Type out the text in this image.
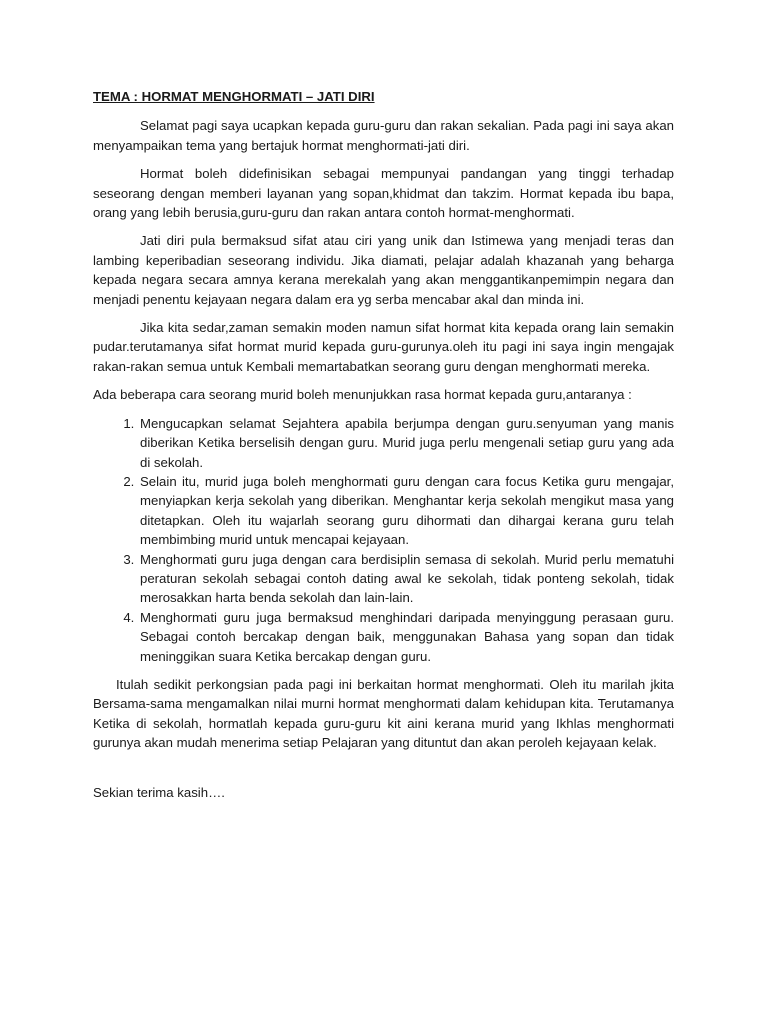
TEMA : HORMAT MENGHORMATI – JATI DIRI

Selamat pagi saya ucapkan kepada guru-guru dan rakan sekalian. Pada pagi ini saya akan menyampaikan tema yang bertajuk hormat menghormati-jati diri.

Hormat boleh didefinisikan sebagai mempunyai pandangan yang tinggi terhadap seseorang dengan memberi layanan yang sopan,khidmat dan takzim. Hormat kepada ibu bapa, orang yang lebih berusia,guru-guru dan rakan antara contoh hormat-menghormati.

Jati diri pula bermaksud sifat atau ciri yang unik dan Istimewa yang menjadi teras dan lambing keperibadian seseorang individu. Jika diamati, pelajar adalah khazanah yang beharga kepada negara secara amnya kerana merekalah yang akan menggantikanpemimpin negara dan menjadi penentu kejayaan negara dalam era yg serba mencabar akal dan minda ini.

Jika kita sedar,zaman semakin moden namun sifat hormat kita kepada orang lain semakin pudar.terutamanya sifat hormat murid kepada guru-gurunya.oleh itu pagi ini saya ingin mengajak rakan-rakan semua untuk Kembali memartabatkan seorang guru dengan menghormati mereka.

Ada beberapa cara seorang murid boleh menunjukkan rasa hormat kepada guru,antaranya :

1. Mengucapkan selamat Sejahtera apabila berjumpa dengan guru.senyuman yang manis diberikan Ketika berselisih dengan guru. Murid juga perlu mengenali setiap guru yang ada di sekolah.
2. Selain itu, murid juga boleh menghormati guru dengan cara focus Ketika guru mengajar, menyiapkan kerja sekolah yang diberikan. Menghantar kerja sekolah mengikut masa yang ditetapkan. Oleh itu wajarlah seorang guru dihormati dan dihargai kerana guru telah membimbing murid untuk mencapai kejayaan.
3. Menghormati guru juga dengan cara berdisiplin semasa di sekolah. Murid perlu mematuhi peraturan sekolah sebagai contoh dating awal ke sekolah, tidak ponteng sekolah, tidak merosakkan harta benda sekolah dan lain-lain.
4. Menghormati guru juga bermaksud menghindari daripada menyinggung perasaan guru. Sebagai contoh bercakap dengan baik, menggunakan Bahasa yang sopan dan tidak meninggikan suara Ketika bercakap dengan guru.

Itulah sedikit perkongsian pada pagi ini berkaitan hormat menghormati. Oleh itu marilah jkita Bersama-sama mengamalkan nilai murni hormat menghormati dalam kehidupan kita. Terutamanya Ketika di sekolah, hormatlah kepada guru-guru kit aini kerana murid yang Ikhlas menghormati gurunya akan mudah menerima setiap Pelajaran yang dituntut dan akan peroleh kejayaan kelak.

Sekian terima kasih….
